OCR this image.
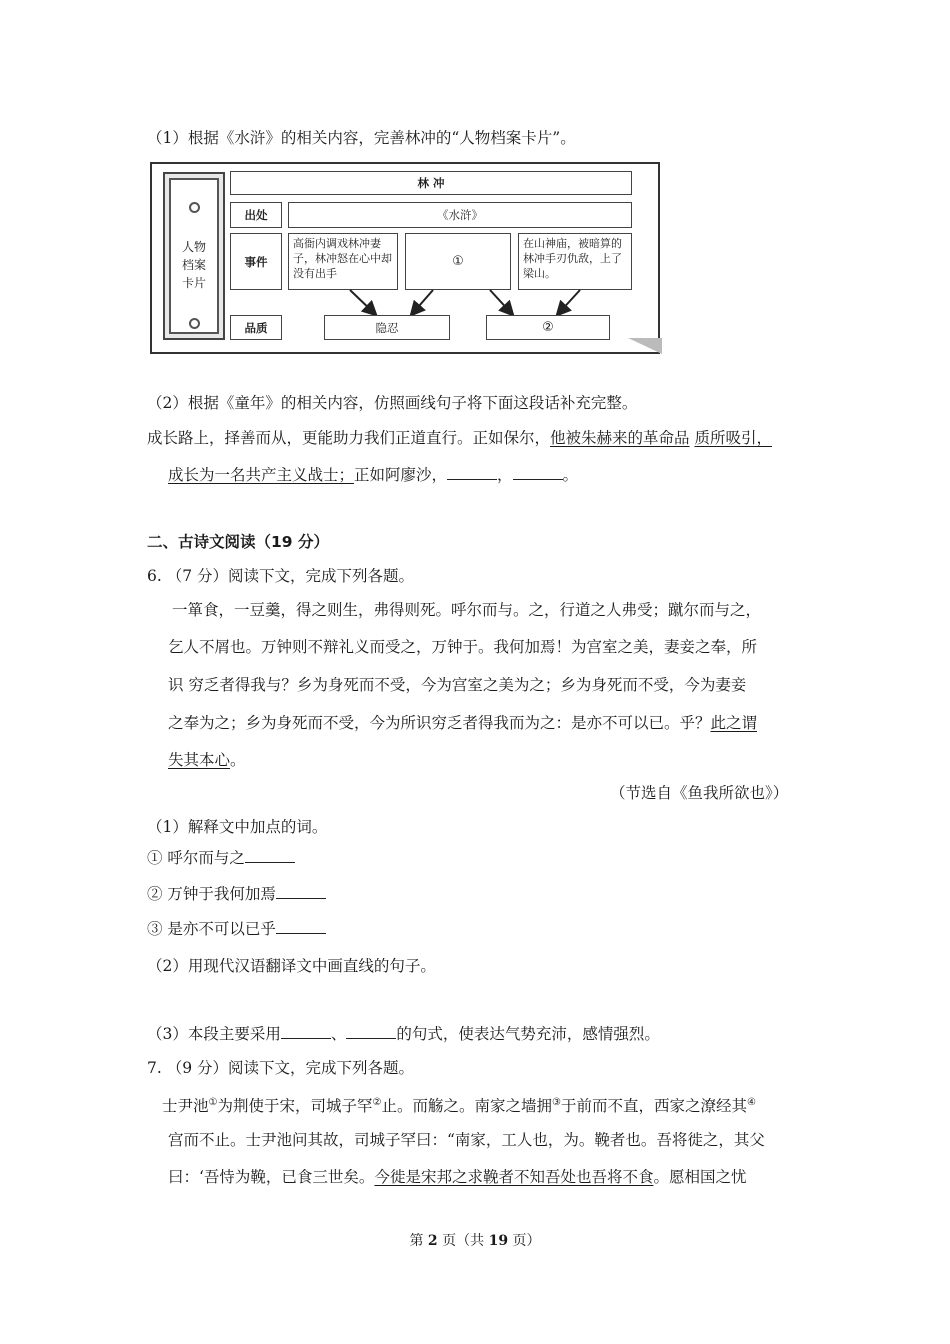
（1）根据《水浒》的相关内容，完善林冲的“人物档案卡片”。
人物
档案
卡片
林 冲
出处	《水浒》
事件
高衙内调戏林冲妻子，林冲怒在心中却没有出手
①
在山神庙，被暗算的林冲手刃仇敌，上了梁山。
品质	隐忍	②
（2）根据《童年》的相关内容，仿照画线句子将下面这段话补充完整。
成长路上，择善而从，更能助力我们正道直行。正如保尔，他被朱赫来的革命品 质所吸引，
成长为一名共产主义战士；正如阿廖沙，	，	。
二、古诗文阅读（19 分）
6. （7 分）阅读下文，完成下列各题。
一箪食，一豆羹，得之则生，弗得则死。呼尔而与。之，行道之人弗受；蹴尔而与之，
乞人不屑也。万钟则不辩礼义而受之，万钟于。我何加焉！为宫室之美，妻妾之奉，所
识 穷乏者得我与？乡为身死而不受，今为宫室之美为之；乡为身死而不受，今为妻妾
之奉为之；乡为身死而不受，今为所识穷乏者得我而为之：是亦不可以已。乎？此之谓
失其本心。
（节选自《鱼我所欲也》）
（1）解释文中加点的词。
① 呼尔而与之
② 万钟于我何加焉
③ 是亦不可以已乎
（2）用现代汉语翻译文中画直线的句子。
（3）本段主要采用	、	的句式，使表达气势充沛，感情强烈。
7. （9 分）阅读下文，完成下列各题。
士尹池①为荆使于宋，司城子罕②止。而觞之。南家之墙拥③于前而不直，西家之潦经其④
宫而不止。士尹池问其故，司城子罕曰：“南家，工人也，为。鞔者也。吾将徙之，其父
曰：‘吾恃为鞔，已食三世矣。今徙是宋邦之求鞔者不知吾处也吾将不食。愿相国之忧
第 2 页（共 19 页）
